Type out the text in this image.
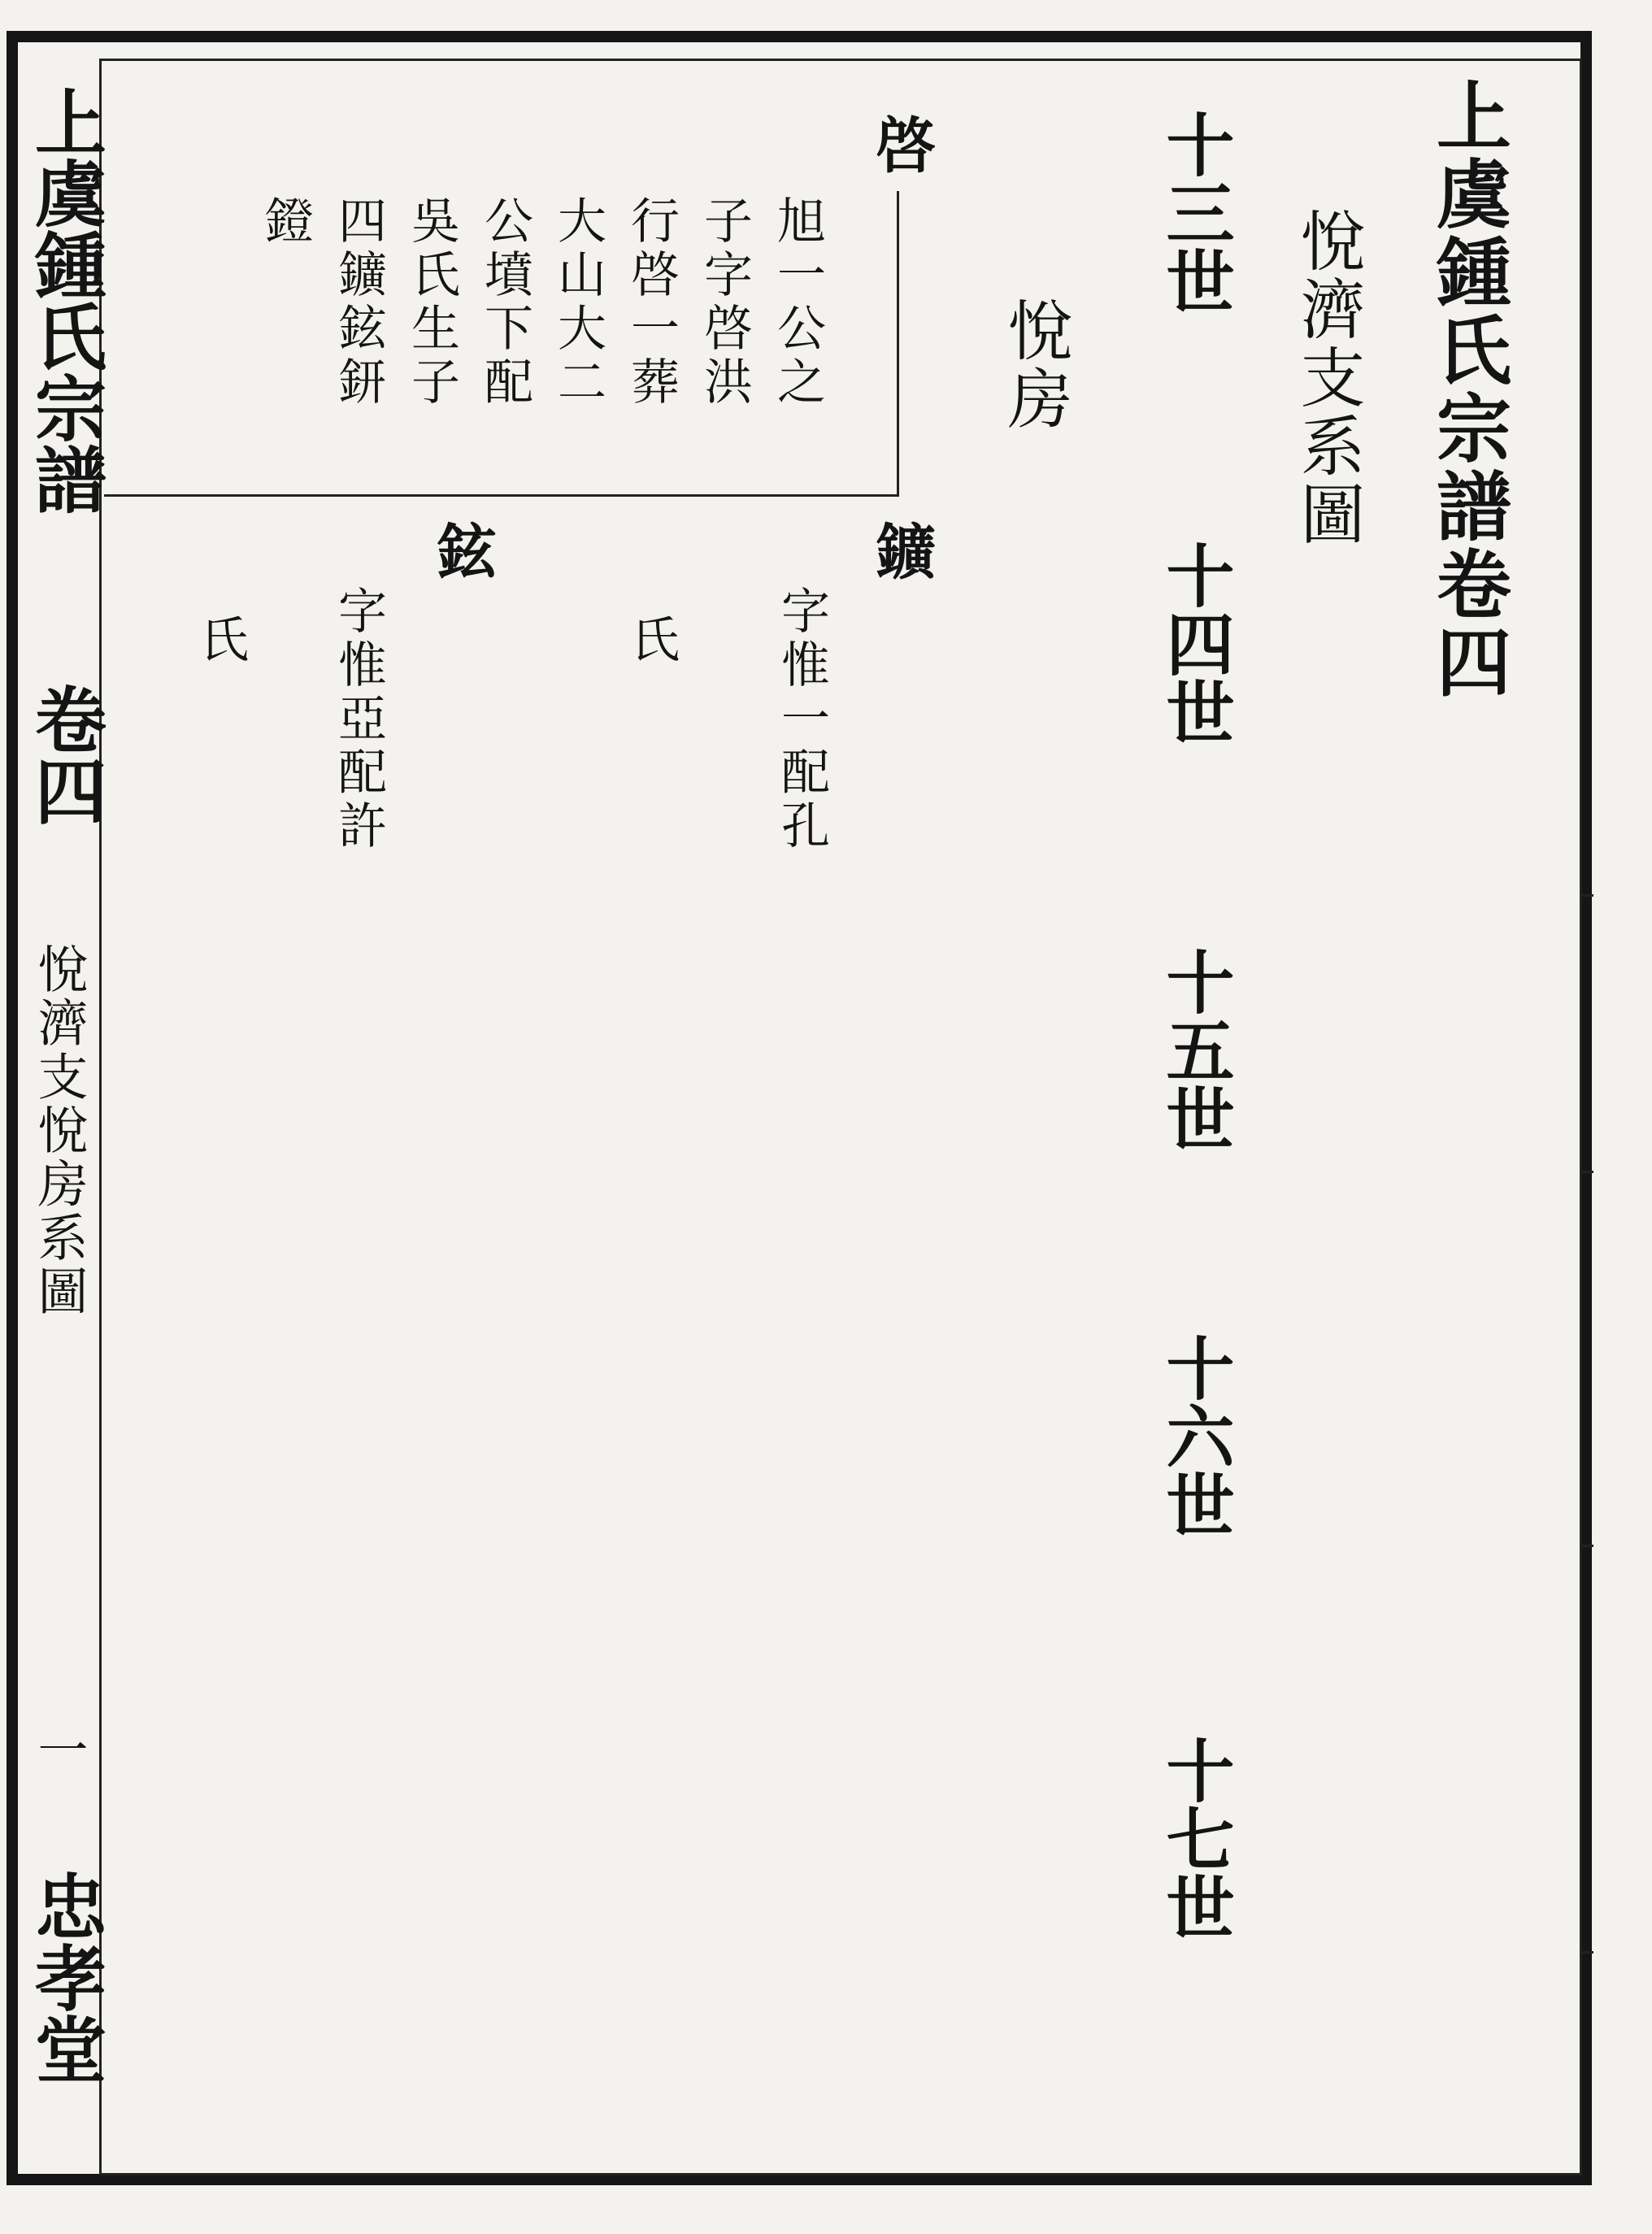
上虞鍾氏宗譜卷四
悅濟支系圖
悅房
十三世
十四世
十五世
十六世
十七世
啓
旭一公之
子字啓洪
行啓一葬
大山大二
公墳下配
吳氏生子
四鑛鉉鈃
鐙
鑛
字惟一配孔
氏
鉉
字惟亞配許
氏
上虞鍾氏宗譜
卷四
悅濟支悅房系圖
一
忠孝堂
